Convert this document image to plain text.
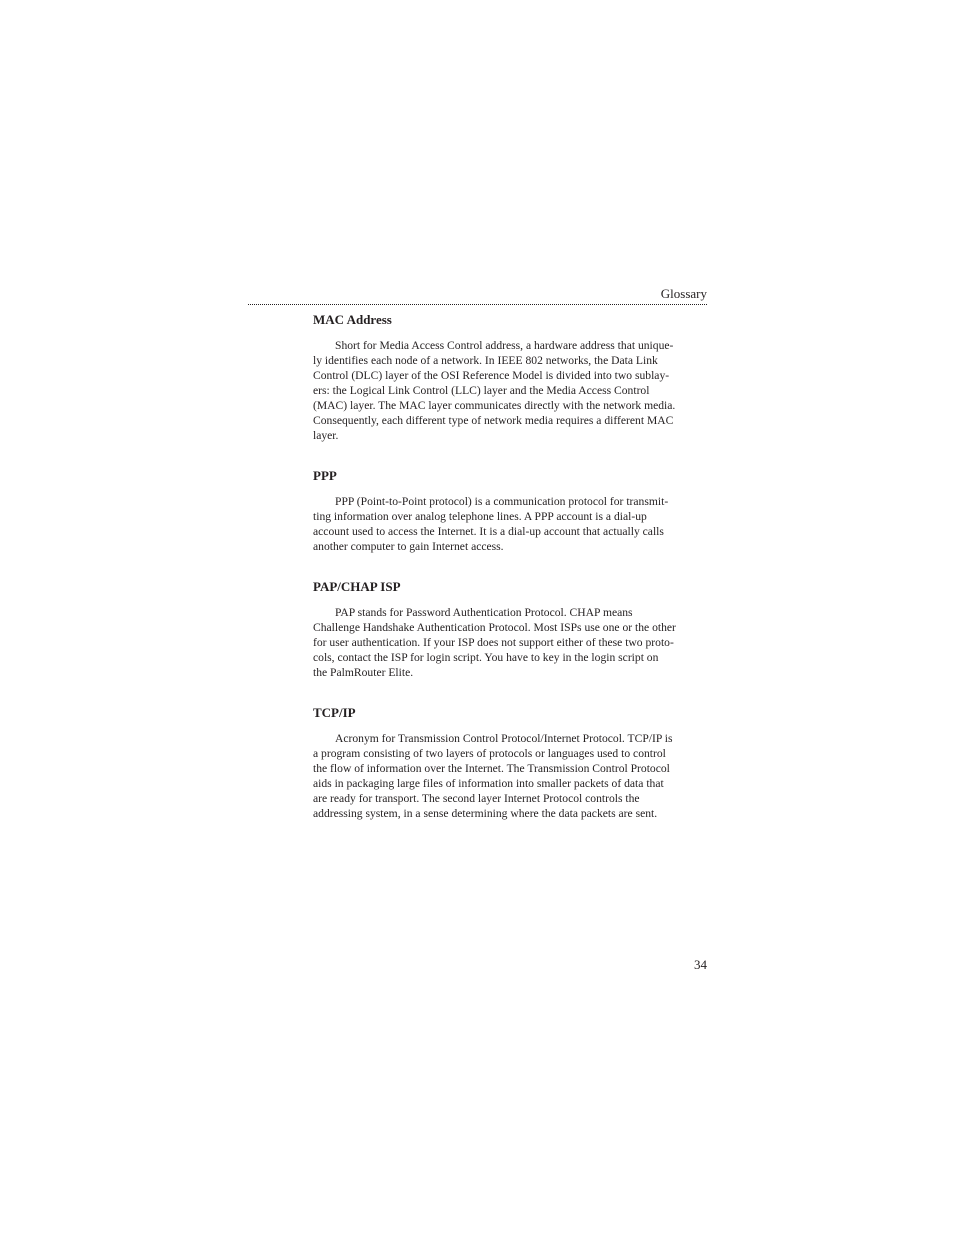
Glossary
MAC Address

Short for Media Access Control address, a hardware address that unique-
ly identifies each node of a network. In IEEE 802 networks, the Data Link
Control (DLC) layer of the OSI Reference Model is divided into two sublay-
ers: the Logical Link Control (LLC) layer and the Media Access Control
(MAC) layer. The MAC layer communicates directly with the network media.
Consequently, each different type of network media requires a different MAC
layer.

PPP

PPP (Point-to-Point protocol) is a communication protocol for transmit-
ting information over analog telephone lines. A PPP account is a dial-up
account used to access the Internet. It is a dial-up account that actually calls
another computer to gain Internet access.

PAP/CHAP ISP

PAP stands for Password Authentication Protocol. CHAP means
Challenge Handshake Authentication Protocol. Most ISPs use one or the other
for user authentication. If your ISP does not support either of these two proto-
cols, contact the ISP for login script. You have to key in the login script on
the PalmRouter Elite.

TCP/IP

Acronym for Transmission Control Protocol/Internet Protocol. TCP/IP is
a program consisting of two layers of protocols or languages used to control
the flow of information over the Internet. The Transmission Control Protocol
aids in packaging large files of information into smaller packets of data that
are ready for transport. The second layer Internet Protocol controls the
addressing system, in a sense determining where the data packets are sent.

34
